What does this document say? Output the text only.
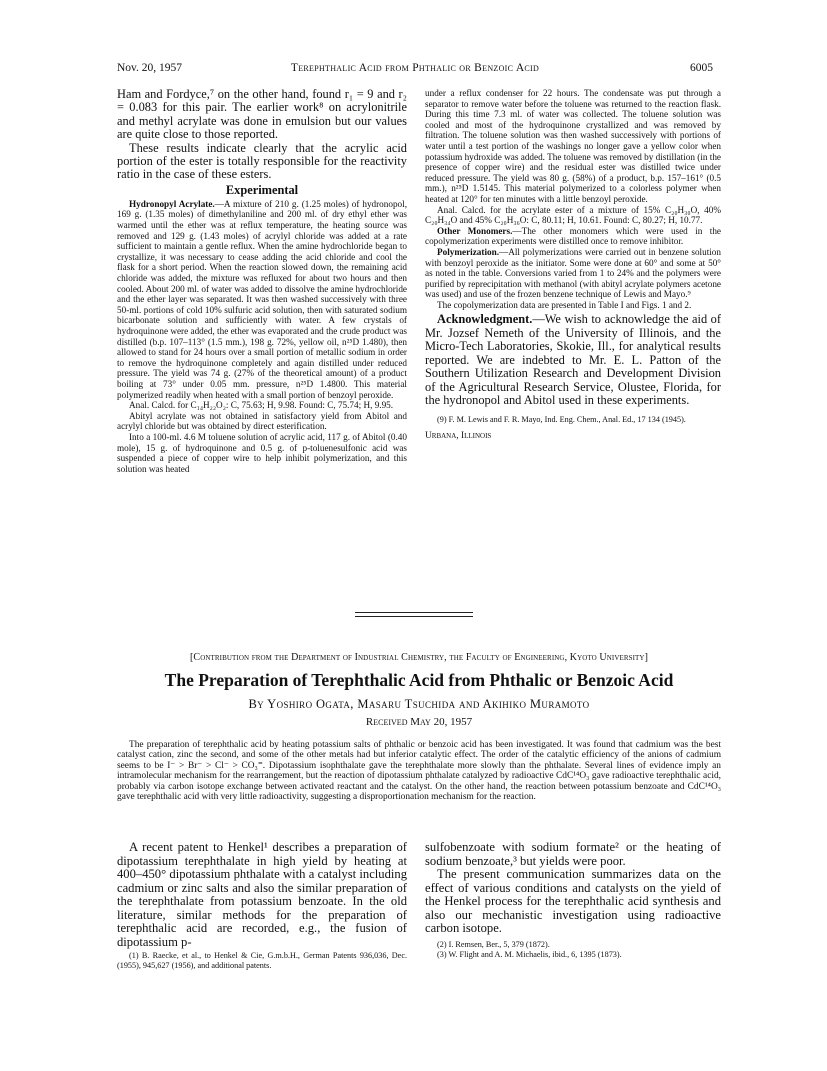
Nov. 20, 1957	Terephthalic Acid from Phthalic or Benzoic Acid	6005

Ham and Fordyce,⁷ on the other hand, found r₁ = 9 and r₂ = 0.083 for this pair. The earlier work⁸ on acrylonitrile and methyl acrylate was done in emulsion but our values are quite close to those reported.

These results indicate clearly that the acrylic acid portion of the ester is totally responsible for the reactivity ratio in the case of these esters.

Experimental

Hydronopyl Acrylate.—A mixture of 210 g. (1.25 moles) of hydronopol, 169 g. (1.35 moles) of dimethylaniline and 200 ml. of dry ethyl ether was warmed until the ether was at reflux temperature, the heating source was removed and 129 g. (1.43 moles) of acrylyl chloride was added at a rate sufficient to maintain a gentle reflux. When the amine hydrochloride began to crystallize, it was necessary to cease adding the acid chloride and cool the flask for a short period. When the reaction slowed down, the remaining acid chloride was added, the mixture was refluxed for about two hours and then cooled. About 200 ml. of water was added to dissolve the amine hydrochloride and the ether layer was separated. It was then washed successively with three 50-ml. portions of cold 10% sulfuric acid solution, then with saturated sodium bicarbonate solution and sufficiently with water. A few crystals of hydroquinone were added, the ether was evaporated and the crude product was distilled (b.p. 107–113° (1.5 mm.), 198 g. 72%, yellow oil, n²⁵D 1.480), then allowed to stand for 24 hours over a small portion of metallic sodium in order to remove the hydroquinone completely and again distilled under reduced pressure. The yield was 74 g. (27% of the theoretical amount) of a product boiling at 73° under 0.05 mm. pressure, n²⁵D 1.4800. This material polymerized readily when heated with a small portion of benzoyl peroxide.

Anal. Calcd. for C₁₄H₂₂O₂: C, 75.63; H, 9.98. Found: C, 75.74; H, 9.95.

Abityl acrylate was not obtained in satisfactory yield from Abitol and acrylyl chloride but was obtained by direct esterification.

Into a 100-ml. 4.6 M toluene solution of acrylic acid, 117 g. of Abitol (0.40 mole), 15 g. of hydroquinone and 0.5 g. of p-toluenesulfonic acid was suspended a piece of copper wire to help inhibit polymerization, and this solution was heated

under a reflux condenser for 22 hours. The condensate was put through a separator to remove water before the toluene was returned to the reaction flask. During this time 7.3 ml. of water was collected. The toluene solution was cooled and most of the hydroquinone crystallized and was removed by filtration. The toluene solution was then washed successively with portions of water until a test portion of the washings no longer gave a yellow color when potassium hydroxide was added. The toluene was removed by distillation (in the presence of copper wire) and the residual ester was distilled twice under reduced pressure. The yield was 80 g. (58%) of a product, b.p. 157–161° (0.5 mm.), n²⁵D 1.5145. This material polymerized to a colorless polymer when heated at 120° for ten minutes with a little benzoyl peroxide.

Anal. Calcd. for the acrylate ester of a mixture of 15% C₂₀H₃₀O, 40% C₂₀H₃₄O and 45% C₂₀H₃₆O: C, 80.11; H, 10.61. Found: C, 80.27; H, 10.77.

Other Monomers.—The other monomers which were used in the copolymerization experiments were distilled once to remove inhibitor.

Polymerization.—All polymerizations were carried out in benzene solution with benzoyl peroxide as the initiator. Some were done at 60° and some at 50° as noted in the table. Conversions varied from 1 to 24% and the polymers were purified by reprecipitation with methanol (with abityl acrylate polymers acetone was used) and use of the frozen benzene technique of Lewis and Mayo.⁹

The copolymerization data are presented in Table I and Figs. 1 and 2.

Acknowledgment.—We wish to acknowledge the aid of Mr. Jozsef Nemeth of the University of Illinois, and the Micro-Tech Laboratories, Skokie, Ill., for analytical results reported. We are indebted to Mr. E. L. Patton of the Southern Utilization Research and Development Division of the Agricultural Research Service, Olustee, Florida, for the hydronopol and Abitol used in these experiments.

(9) F. M. Lewis and F. R. Mayo, Ind. Eng. Chem., Anal. Ed., 17 134 (1945).

Urbana, Illinois

[Contribution from the Department of Industrial Chemistry, the Faculty of Engineering, Kyoto University]
The Preparation of Terephthalic Acid from Phthalic or Benzoic Acid
By Yoshiro Ogata, Masaru Tsuchida and Akihiko Muramoto
Received May 20, 1957
The preparation of terephthalic acid by heating potassium salts of phthalic or benzoic acid has been investigated. It was found that cadmium was the best catalyst cation, zinc the second, and some of the other metals had but inferior catalytic effect. The order of the catalytic efficiency of the anions of cadmium seems to be I⁻ > Br⁻ > Cl⁻ > CO₃⁼. Dipotassium isophthalate gave the terephthalate more slowly than the phthalate. Several lines of evidence imply an intramolecular mechanism for the rearrangement, but the reaction of dipotassium phthalate catalyzed by radioactive CdC¹⁴O₃ gave radioactive terephthalic acid, probably via carbon isotope exchange between activated reactant and the catalyst. On the other hand, the reaction between potassium benzoate and CdC¹⁴O₃ gave terephthalic acid with very little radioactivity, suggesting a disproportionation mechanism for the reaction.

A recent patent to Henkel¹ describes a preparation of dipotassium terephthalate in high yield by heating at 400–450° dipotassium phthalate with a catalyst including cadmium or zinc salts and also the similar preparation of the terephthalate from potassium benzoate. In the old literature, similar methods for the preparation of terephthalic acid are recorded, e.g., the fusion of dipotassium p-

(1) B. Raecke, et al., to Henkel & Cie, G.m.b.H., German Patents 936,036, Dec. (1955), 945,627 (1956), and additional patents.

sulfobenzoate with sodium formate² or the heating of sodium benzoate,³ but yields were poor.

The present communication summarizes data on the effect of various conditions and catalysts on the yield of the Henkel process for the terephthalic acid synthesis and also our mechanistic investigation using radioactive carbon isotope.

(2) I. Remsen, Ber., 5, 379 (1872).

(3) W. Flight and A. M. Michaelis, ibid., 6, 1395 (1873).
